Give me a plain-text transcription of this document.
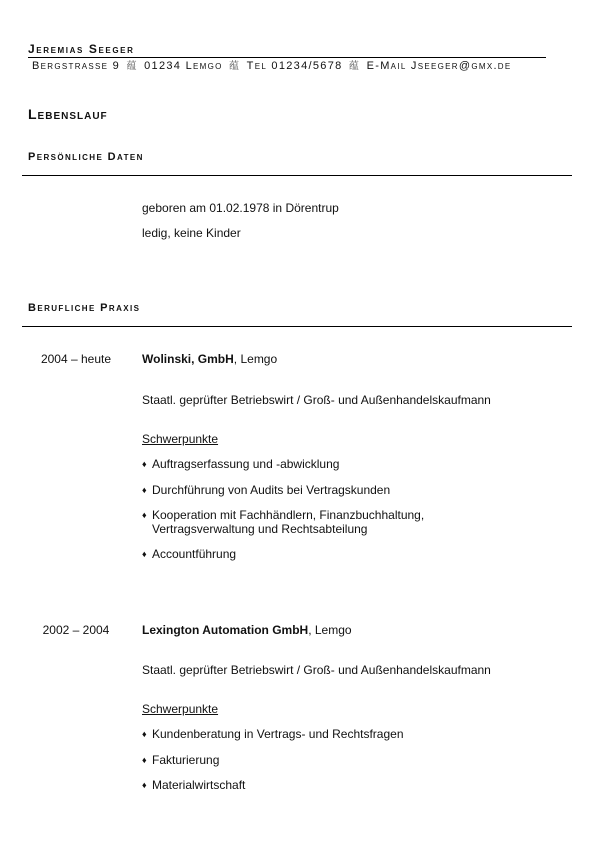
Jeremias Seeger
Bergstrasse 9 蕴 01234 Lemgo 蕴 Tel 01234/5678 蕴 E-Mail Jseeger@gmx.de
Lebenslauf
Persönliche Daten
geboren am 01.02.1978 in Dörentrup
ledig, keine Kinder
Berufliche Praxis
2004 – heute	Wolinski, GmbH, Lemgo
Staatl. geprüfter Betriebswirt / Groß- und Außenhandelskaufmann
Schwerpunkte
♦ Auftragserfassung und -abwicklung
♦ Durchführung von Audits bei Vertragskunden
♦ Kooperation mit Fachhändlern, Finanzbuchhaltung, Vertragsverwaltung und Rechtsabteilung
♦ Accountführung
2002 – 2004	Lexington Automation GmbH, Lemgo
Staatl. geprüfter Betriebswirt / Groß- und Außenhandelskaufmann
Schwerpunkte
♦ Kundenberatung in Vertrags- und Rechtsfragen
♦ Fakturierung
♦ Materialwirtschaft
